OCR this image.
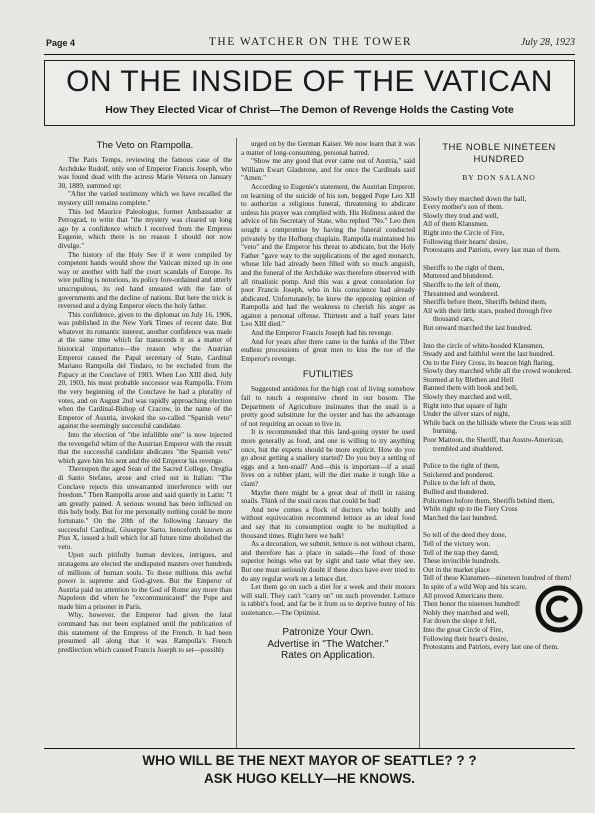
Page 4	THE WATCHER ON THE TOWER	July 28, 1923
ON THE INSIDE OF THE VATICAN
How They Elected Vicar of Christ—The Demon of Revenge Holds the Casting Vote
The Veto on Rampolla.

The Paris Temps, reviewing the famous case of the Archduke Rudolf, only son of Emperor Francis Joseph, who was found dead with the actress Marie Vetsera on January 30, 1889, summed up:

"After the varied testimony which we have recalled the mystery still remains complete."

This led Maurice Paleologue, former Ambassador at Petrograd, to write that "the mystery was cleared up long ago by a confidence which I received from the Empress Eugenie, which there is no reason I should not now divulge."

The history of the Holy See if it were compiled by competent hands would show the Vatican mixed up in one way or another with half the court scandals of Europe. Its wire pulling is notorious, its policy fore-ordained and utterly unscrupulous, its red hand smeared with the fate of governments and the decline of nations. But here the trick is reversed and a dying Emperor elects the holy father.

This confidence, given to the diplomat on July 16, 1906, was published in the New York Times of recent date. But whatever its romantic interest, another confidence was made at the same time which far transcends it as a matter of historical importance—the reason why the Austrian Emperor caused the Papal secretary of State, Cardinal Mariano Rampolla del Tindaro, to be excluded from the Papacy at the Conclave of 1903. When Leo XIII died, July 20, 1903, his most probable successor was Rampolla. From the very beginning of the Conclave he had a plurality of votes, and on August 2nd was rapidly approaching election when the Cardinal-Bishop of Cracow, in the name of the Emperor of Austria, invoked the so-called "Spanish veto" against the seemingly successful candidate.

Into the election of "the infallible one" is now injected the revengeful whim of the Austrian Emperor with the result that the successful candidate abdicates "the Spanish veto" which gave him his sent and the old Emperor his revenge.

Thereupon the aged Sean of the Sacred College, Oreglia di Santo Stefano, arose and cried out in Italian: "The Conclave rejects this unwarranted interference with our freedom." Then Rampolla arose and said quietly in Latin: "I am greatly pained. A serious wound has been inflicted on this holy body. But for me personally nothing could be more fortunate." On the 20th of the following January the successful Cardinal, Giuseppe Sarto, henceforth known as Pius X, issued a bull which for all future time abolished the veto.

Upon such pitifully human devices, intrigues, and stratagems are elected the undisputed masters over hundreds of millions of human souls. To these millions this awful power is supreme and God-given. But the Emperor of Austria paid no attention to the God of Rome any more than Napoleon did when he "excommunicated" the Pope and made him a prisoner in Paris.

Why, however, the Emperor had given the fatal command has not been explained until the publication of this statement of the Empress of the French. It had been presumed all along that it was Rampolla's French predilection which caused Francis Joseph to set—possibly

urged on by the German Kaiser. We now learn that it was a matter of long-consuming, personal hatred.

"Show me any good that ever came out of Austria," said William Ewart Gladstone, and for once the Cardinals said "Amen."

According to Eugenie's statement, the Austrian Emperor, on learning of the suicide of his son, begged Pope Leo XII to authorize a religious funeral, threatening to abdicate unless his prayer was complied with. His Holiness asked the advice of his Secretary of State, who replied "No." Leo then sought a compromise by having the funeral conducted privately by the Hofburg chaplain. Rampolla maintained his "veto" and the Emperor his threat to abdicate, but the Holy Father "gave way to the supplications of the aged monarch, whose life had already been filled with so much anguish, and the funeral of the Archduke was therefore observed with all ritualistic pomp. And this was a great consolation for poor Francis Joseph, who in his conscience had already abdicated. Unfortunately, he knew the opposing opinion of Rampolla and had the weakness to cherish his anger as against a personal offense. Thirteen and a half years later Leo XIII died."

And the Emperor Francis Joseph had his revenge.

And for years after there came to the banks of the Tiber endless processions of great men to kiss the toe of the Emperor's revenge.

FUTILITIES

Suggested antidotes for the high cost of living somehow fail to touch a responsive chord in our bosom. The Department of Agriculture insinuates that the snail is a pretty good substitute for the oyster and has the advantage of not requiring an ocean to live in.

It is recommended that this land-going oyster be used more generally as food, and one is willing to try anything once, but the experts should be more explicit. How do you go about getting a snailery started? Do you buy a setting of eggs and a hen-snail? And—this is important—if a snail lives on a rubber plant, will the diet make it tough like a clam?

Maybe there might be a great deal of thrill in raising snails. Think of the snail races that could be had!

And now comes a flock of doctors who boldly and without equivocation recommend lettuce as an ideal food and say that its consumption ought to be multiplied a thousand times. Right here we balk!

As a decoration, we submit, lettuce is not without charm, and therefore has a place in salads—the food of those superior beings who eat by sight and taste what they see. But one must seriously doubt if these docs have ever tried to do any regular work on a lettuce diet.

Let them go on such a diet for a week and their motors will stall. They can't "carry on" on such provender. Lettuce is rabbit's food, and far be it from us to deprive bunny of his sustenance.—The Optimist.

Patronize Your Own.
Advertise in "The Watcher."
Rates on Application.
THE NOBLE NINETEEN HUNDRED
BY DON SALANO
Slowly they marched down the hall,
Every mother's son of them.
Slowly they trod and well,
All of them Klansmen.
Right into the Circle of Fire,
Following their hearts' desire,
Protestants and Patriots, every last man of them.
Sheriffs to the right of them,
Muttered and blundered.
Sheriffs to the left of them,
Threatened and wondered.
Sheriffs before them, Sheriffs behind them,
All with their little stars, pushed through five thousand cars,
But onward marched the last hundred.
Into the circle of white-hooded Klansmen,
Steady and and faithful went the last hundred.
On to the Fiery Cross, its beacon high flaring,
Slowly they marched while all the crowd wondered.
Stormed at by Blethen and Hell
Banned them with book and bell,
Slowly they marched and well,
Right into that square of light
Under the silver stars of night,
While back on the hillside where the Cross was still burning,
Poor Mattoon, the Sheriff, that Austro-American, trembled and shuddered.
Police to the right of them,
Snickered and pondered.
Police to the left of them,
Bullied and thundered.
Policemen before them, Sheriffs behind them,
While right up to the Fiery Cross
Marched the last hundred.
So tell of the deed they done,
Tell of the victory won.
Tell of the trap they dared,
These invincible hundreds.
Out in the market place
Tell of these Klansmen—nineteen hundred of them!
In spite of a wild Wop and his scare,
All proved Americans there.
Then honor the nineteen hundred!
Nobly they marched and well,
Far down the slope it fell,
Into the great Circle of Fire,
Following their heart's desire,
Protestants and Patriots, every last one of them.
WHO WILL BE THE NEXT MAYOR OF SEATTLE? ? ?
ASK HUGO KELLY—HE KNOWS.
